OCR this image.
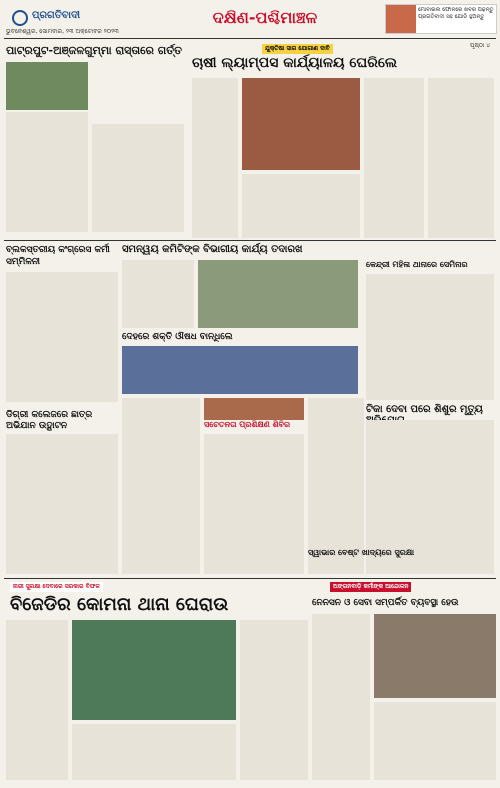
ପ୍ରଗତିବାଦୀ
ଭୁବନେଶ୍ୱର, ସୋମବାର, ୨୩ ଅକ୍ଟୋବର ୨୦୨୩
ଦକ୍ଷିଣ-ପଶ୍ଚିମାଞ୍ଚଳ	ମୋବାଇଲ ଫୋନରେ ଖବର ପଢ଼ନ୍ତୁ ପ୍ରଗତିବାଦୀ ସହ ଯୋଡି ହୁଅନ୍ତୁ
ପୃଷ୍ଠା ୪
ପାଟ୍ରପୁଟ-ଅଞ୍ଜଳଗୁମ୍ମା ରାସ୍ତାରେ ଗର୍ତ୍ତ	ଯୁକ୍ତିଷା ସାର ଯୋଗାଣ ଦାବି
ଚାଷୀ ଲ୍ୟାମ୍ପସ କାର୍ଯ୍ୟାଳୟ ଘେରିଲେ
ବ୍ଲକସ୍ତରୀୟ କଂଗ୍ରେସ କର୍ମୀ ସମ୍ମିଳନୀ
ଡିଗ୍ରୀ କଲେଜରେ ଛାତ୍ର ଅଭିଯାନ ଉଦ୍ଘାଟନ
ସମନ୍ୱୟ କମିଟିଙ୍କ ବିଭାଗୀୟ କାର୍ଯ୍ୟ ତଦାରଖ
ଦେହରେ ଶକ୍ତି ଔଷଧ ବାନ୍ଧିଲେ
କେନ୍ଦ୍ରୀ ମହିଳା ଥାନାରେ ସେମିନାର
ସଚେତନତା ପ୍ରଶିକ୍ଷଣ ଶିବିର
ଟିକା ଦେବା ପରେ ଶିଶୁର ମୃତ୍ୟୁ
ସ୍ୱାଭାର ବେଷ୍ଟ ଖାଦ୍ୟରେ ସୁରକ୍ଷା
ନାରୀ ସୁରକ୍ଷା ଦେବାରେ ସରକାର ବିଫଳ
ବିଜେଡିର କୋମନା ଥାନା ଘେରାଉ
ଅଙ୍ଗନବାଡ଼ି କର୍ମୀଙ୍କ ଆନ୍ଦୋଳନ
ନେନସନ ଓ ସେବା ସମ୍ପର୍କିତ ବ୍ୟବସ୍ଥା ହେଉ
